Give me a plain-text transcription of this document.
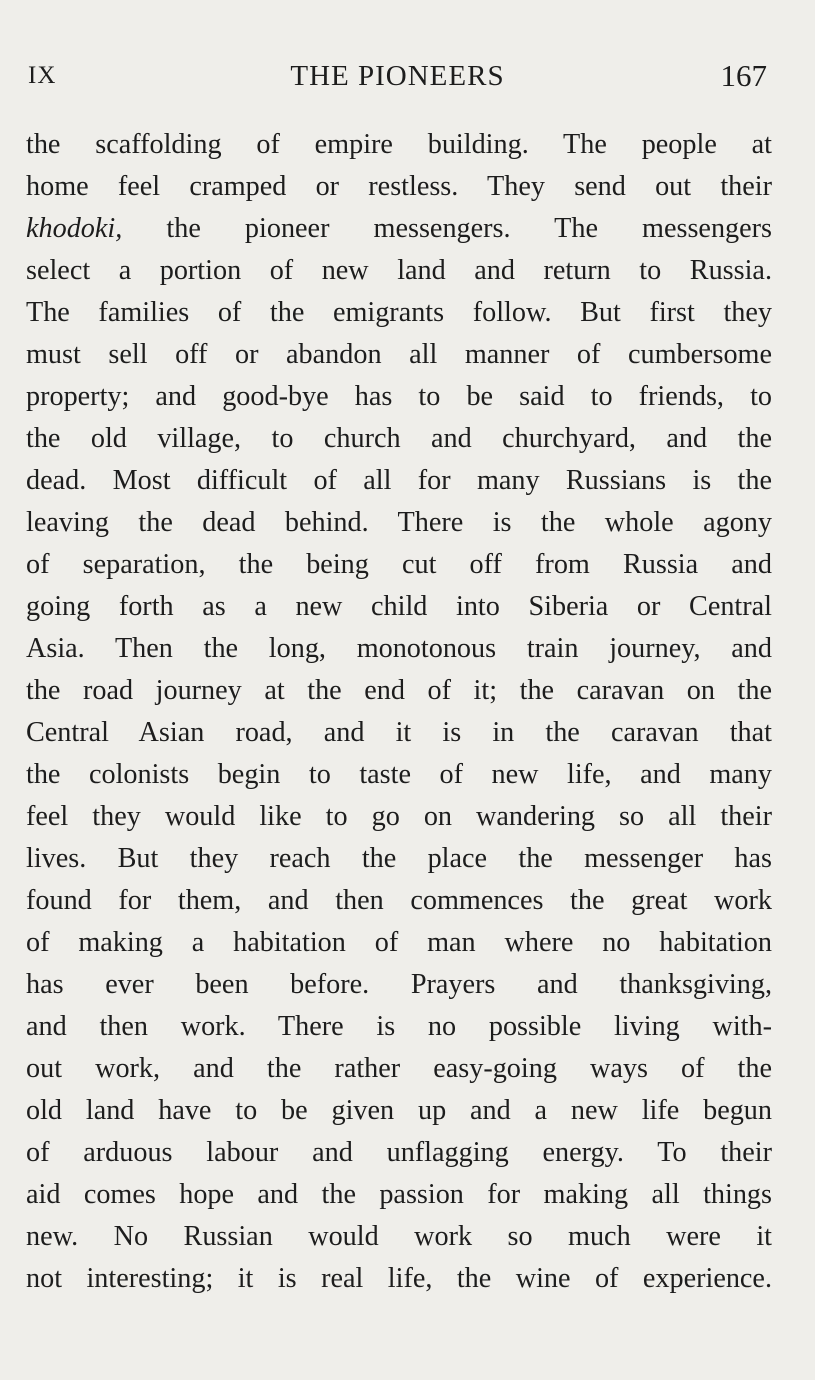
IX	THE PIONEERS	167
the scaffolding of empire building. The people at
home feel cramped or restless. They send out their
khodoki, the pioneer messengers. The messengers
select a portion of new land and return to Russia.
The families of the emigrants follow. But first they
must sell off or abandon all manner of cumbersome
property; and good-bye has to be said to friends, to
the old village, to church and churchyard, and the
dead. Most difficult of all for many Russians is the
leaving the dead behind. There is the whole agony
of separation, the being cut off from Russia and
going forth as a new child into Siberia or Central
Asia. Then the long, monotonous train journey, and
the road journey at the end of it; the caravan on the
Central Asian road, and it is in the caravan that
the colonists begin to taste of new life, and many
feel they would like to go on wandering so all their
lives. But they reach the place the messenger has
found for them, and then commences the great work
of making a habitation of man where no habitation
has ever been before. Prayers and thanksgiving,
and then work. There is no possible living with-
out work, and the rather easy-going ways of the
old land have to be given up and a new life begun
of arduous labour and unflagging energy. To their
aid comes hope and the passion for making all things
new. No Russian would work so much were it
not interesting; it is real life, the wine of experience.
